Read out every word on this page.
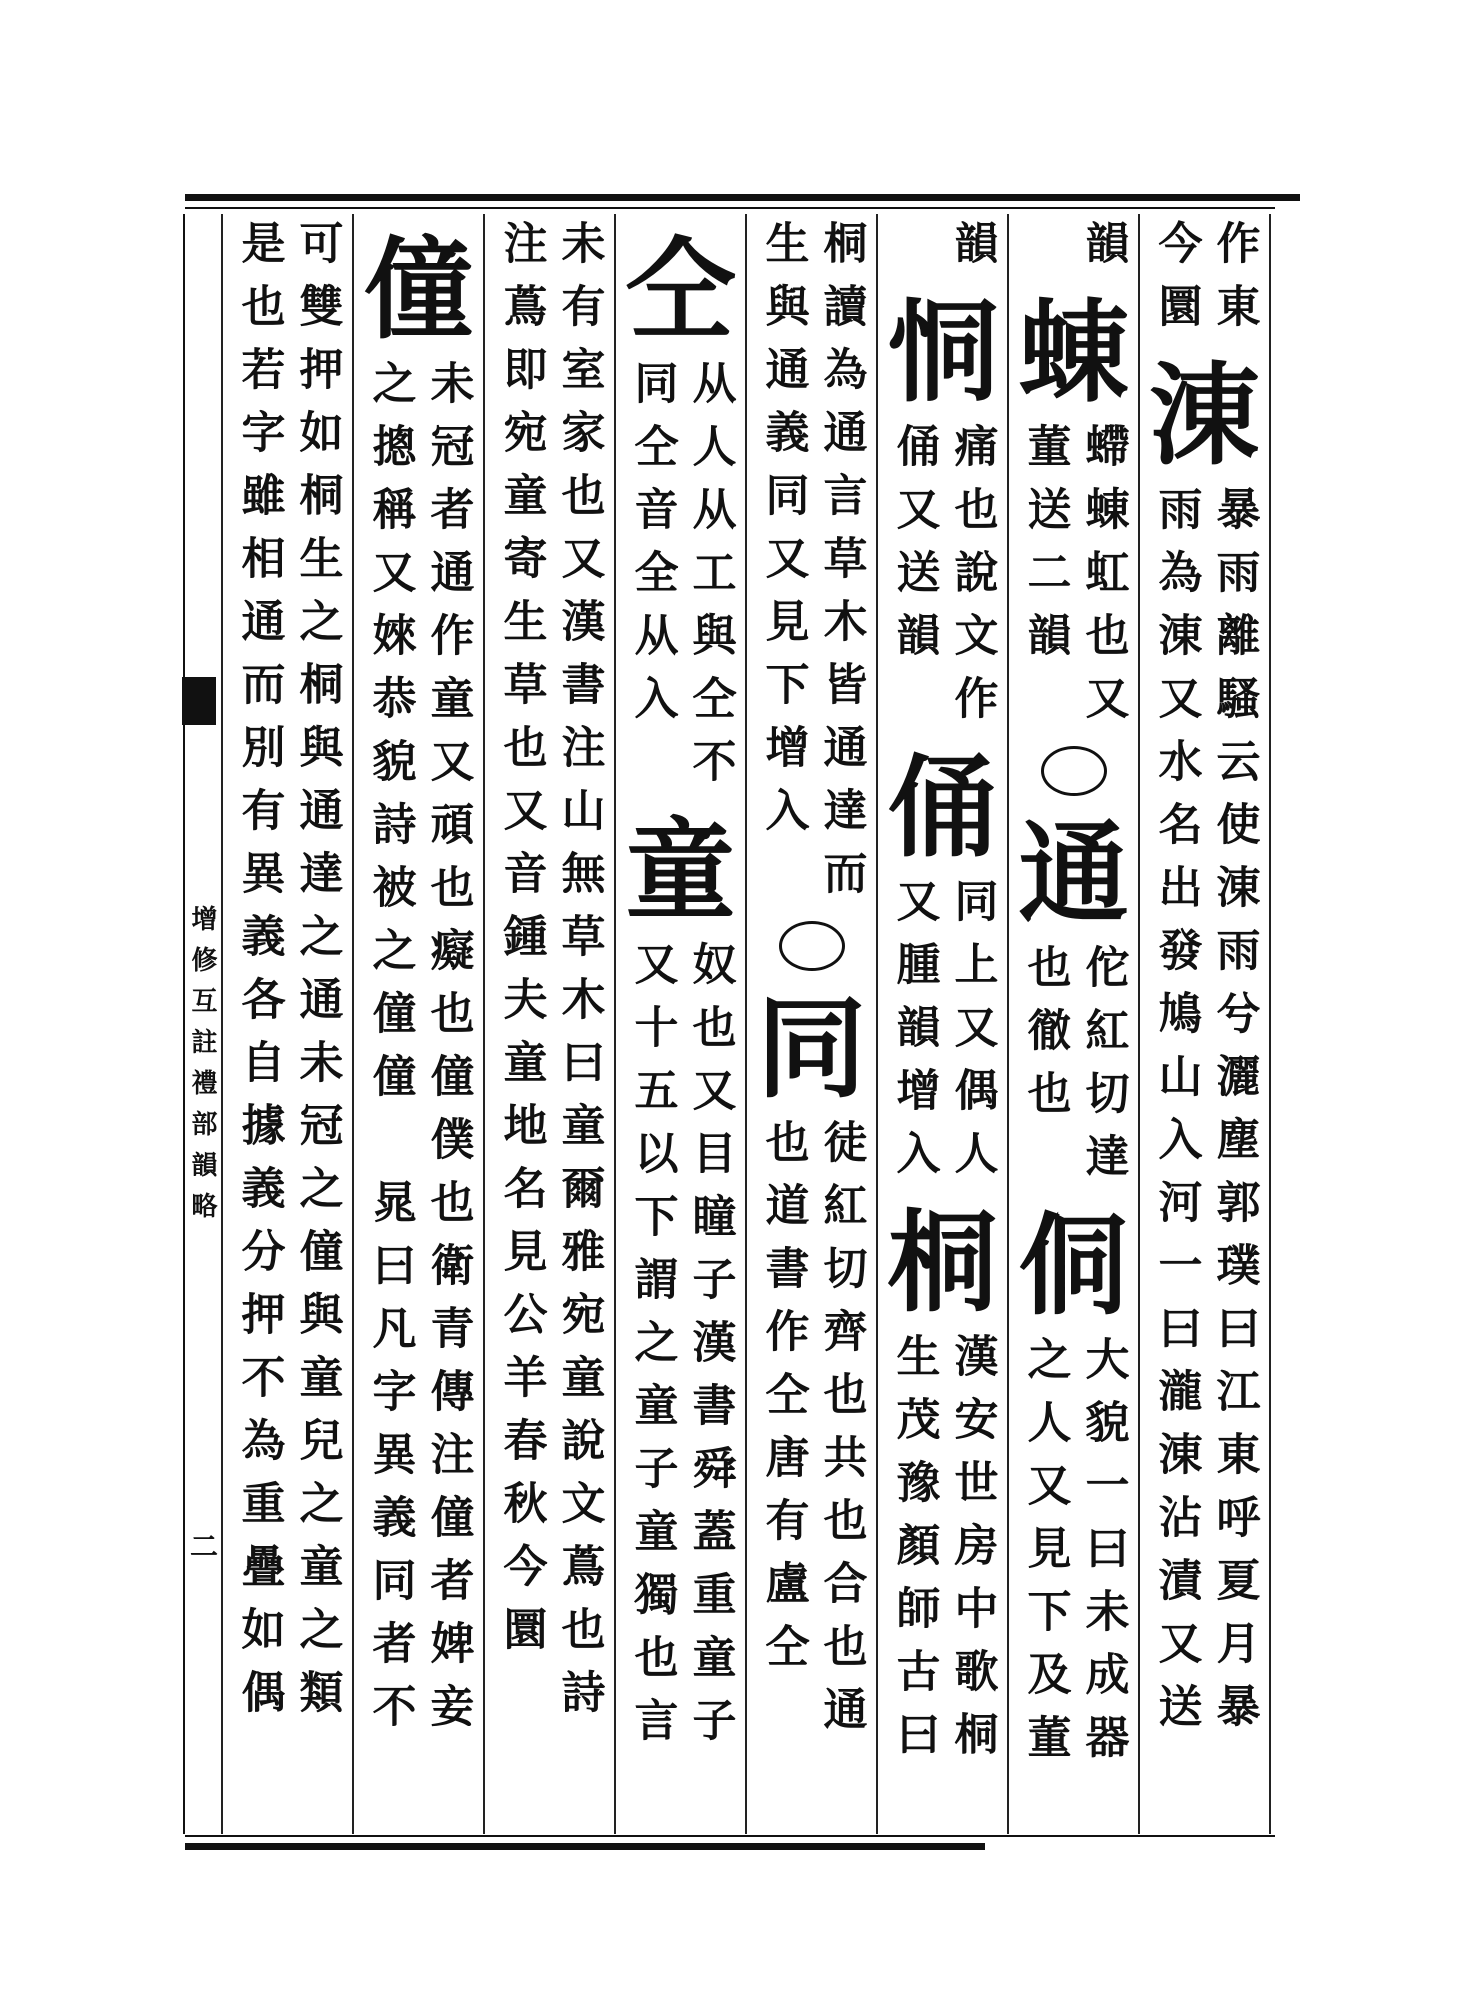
增修互註禮部韻略
二
作東
今圜
涷
暴雨離騷云使涷雨兮灑塵郭璞曰江東呼夏月暴
雨為涷又水名出發鳩山入河一曰瀧涷沾漬又送
韻
蝀
螮蝀虹也又
董送二韻
通
佗紅切達
也徹也
侗
大貌一曰未成器
之人又見下及董
韻
恫
痛也說文作
俑又送韻
俑
同上又偶人
又腫韻增入
桐
漢安世房中歌桐
生茂豫顏師古曰
桐讀為通言草木皆通達而
生與通義同又見下增入
同
徒紅切齊也共也合也通
也道書作仝唐有盧仝
仝
从人从工與仝不
同仝音全从入
童
奴也又目瞳子漢書舜蓋重童子
又十五以下謂之童子童獨也言
未有室家也又漢書注山無草木曰童爾雅宛童說文蔦也詩
注蔦即宛童寄生草也又音鍾夫童地名見公羊春秋今圜
僮
未冠者通作童又頑也癡也僮僕也衛青傳注僮者婢妾
之摠稱又婡恭貌詩被之僮僮
晁曰凡字異義同者不
可雙押如桐生之桐與通達之通未冠之僮與童兒之童之類
是也若字雖相通而別有異義各自據義分押不為重疊如偶
